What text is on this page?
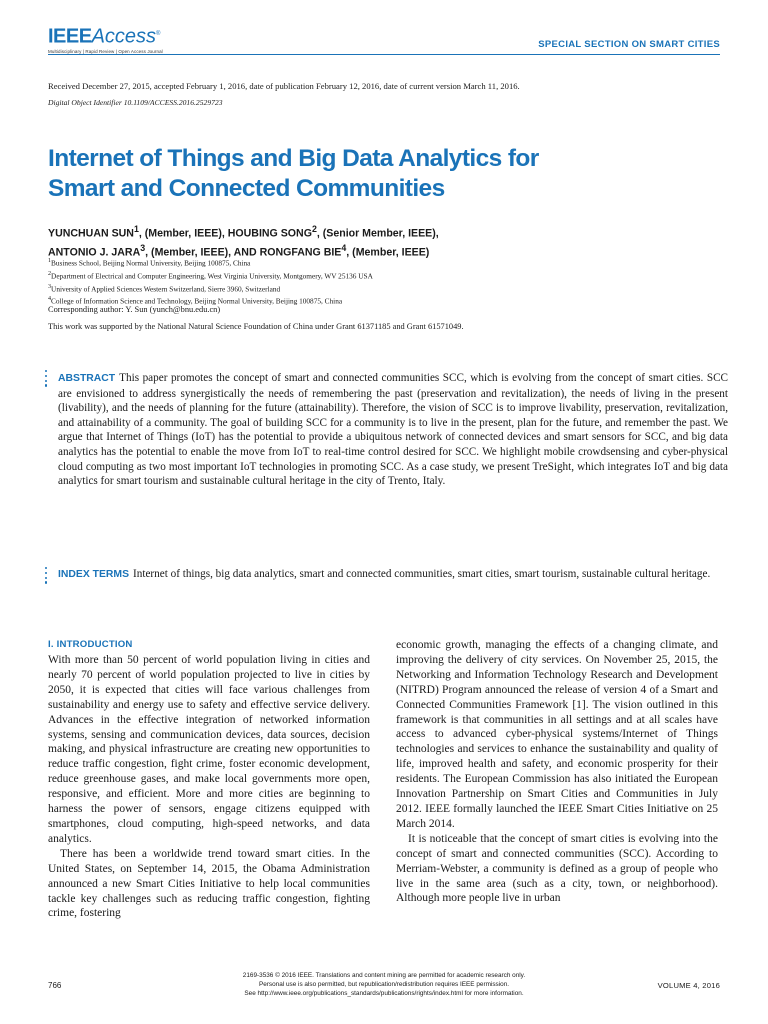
IEEEAccess®
Multidisciplinary | Rapid Review | Open Access Journal
SPECIAL SECTION ON SMART CITIES
Received December 27, 2015, accepted February 1, 2016, date of publication February 12, 2016, date of current version March 11, 2016.
Digital Object Identifier 10.1109/ACCESS.2016.2529723
Internet of Things and Big Data Analytics for
Smart and Connected Communities
YUNCHUAN SUN$^1$, (Member, IEEE), HOUBING SONG$^2$, (Senior Member, IEEE),
ANTONIO J. JARA$^3$, (Member, IEEE), AND RONGFANG BIE$^4$, (Member, IEEE)
$^1$Business School, Beijing Normal University, Beijing 100875, China
$^2$Department of Electrical and Computer Engineering, West Virginia University, Montgomery, WV 25136 USA
$^3$University of Applied Sciences Western Switzerland, Sierre 3960, Switzerland
$^4$College of Information Science and Technology, Beijing Normal University, Beijing 100875, China
Corresponding author: Y. Sun (yunch@bnu.edu.cn)
This work was supported by the National Natural Science Foundation of China under Grant 61371185 and Grant 61571049.

ABSTRACT This paper promotes the concept of smart and connected communities SCC, which is evolving from the concept of smart cities. SCC are envisioned to address synergistically the needs of remembering the past (preservation and revitalization), the needs of living in the present (livability), and the needs of planning for the future (attainability). Therefore, the vision of SCC is to improve livability, preservation, revitalization, and attainability of a community. The goal of building SCC for a community is to live in the present, plan for the future, and remember the past. We argue that Internet of Things (IoT) has the potential to provide a ubiquitous network of connected devices and smart sensors for SCC, and big data analytics has the potential to enable the move from IoT to real-time control desired for SCC. We highlight mobile crowdsensing and cyber-physical cloud computing as two most important IoT technologies in promoting SCC. As a case study, we present TreSight, which integrates IoT and big data analytics for smart tourism and sustainable cultural heritage in the city of Trento, Italy.

INDEX TERMS Internet of things, big data analytics, smart and connected communities, smart cities, smart tourism, sustainable cultural heritage.

I. INTRODUCTION

With more than 50 percent of world population living in cities and nearly 70 percent of world population projected to live in cities by 2050, it is expected that cities will face various challenges from sustainability and energy use to safety and effective service delivery. Advances in the effective integration of networked information systems, sensing and communication devices, data sources, decision making, and physical infrastructure are creating new opportunities to reduce traffic congestion, fight crime, foster economic development, reduce greenhouse gases, and make local governments more open, responsive, and efficient. More and more cities are beginning to harness the power of sensors, engage citizens equipped with smartphones, cloud computing, high-speed networks, and data analytics.

There has been a worldwide trend toward smart cities. In the United States, on September 14, 2015, the Obama Administration announced a new Smart Cities Initiative to help local communities tackle key challenges such as reducing traffic congestion, fighting crime, fostering

economic growth, managing the effects of a changing climate, and improving the delivery of city services. On November 25, 2015, the Networking and Information Technology Research and Development (NITRD) Program announced the release of version 4 of a Smart and Connected Communities Framework [1]. The vision outlined in this framework is that communities in all settings and at all scales have access to advanced cyber-physical systems/Internet of Things technologies and services to enhance the sustainability and quality of life, improved health and safety, and economic prosperity for their residents. The European Commission has also initiated the European Innovation Partnership on Smart Cities and Communities in July 2012. IEEE formally launched the IEEE Smart Cities Initiative on 25 March 2014.

It is noticeable that the concept of smart cities is evolving into the concept of smart and connected communities (SCC). According to Merriam-Webster, a community is defined as a group of people who live in the same area (such as a city, town, or neighborhood). Although more people live in urban

766
2169-3536 © 2016 IEEE. Translations and content mining are permitted for academic research only.
Personal use is also permitted, but republication/redistribution requires IEEE permission.
See http://www.ieee.org/publications_standards/publications/rights/index.html for more information.
VOLUME 4, 2016
